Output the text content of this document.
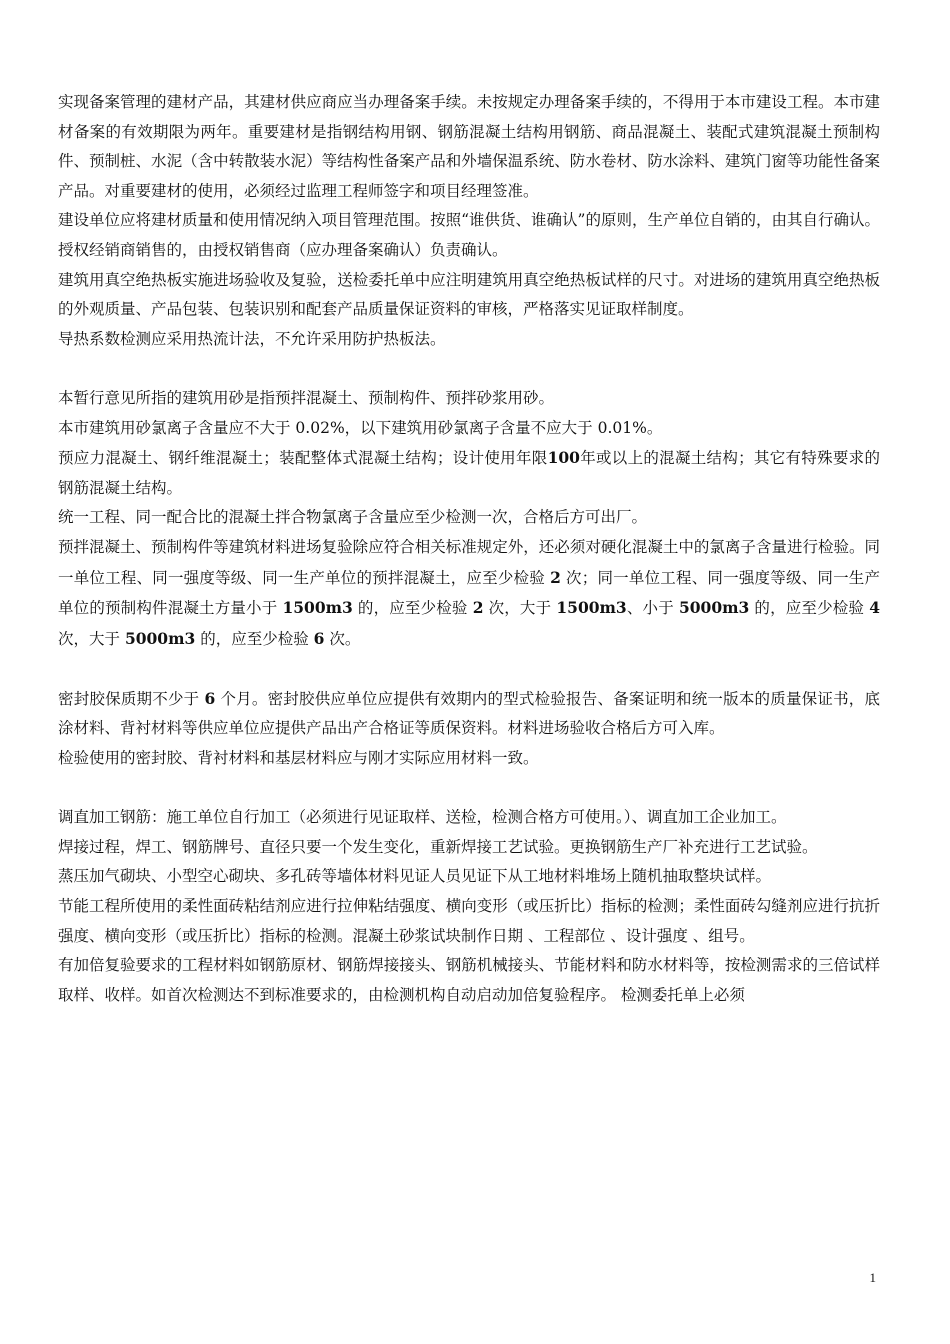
实现备案管理的建材产品，其建材供应商应当办理备案手续。未按规定办理备案手续的，不得用于本市建设工程。本市建材备案的有效期限为两年。重要建材是指钢结构用钢、钢筋混凝土结构用钢筋、商品混凝土、装配式建筑混凝土预制构件、预制桩、水泥（含中转散装水泥）等结构性备案产品和外墙保温系统、防水卷材、防水涂料、建筑门窗等功能性备案产品。对重要建材的使用，必须经过监理工程师签字和项目经理签准。

建设单位应将建材质量和使用情况纳入项目管理范围。按照“谁供货、谁确认”的原则，生产单位自销的，由其自行确认。授权经销商销售的，由授权销售商（应办理备案确认）负责确认。

建筑用真空绝热板实施进场验收及复验，送检委托单中应注明建筑用真空绝热板试样的尺寸。对进场的建筑用真空绝热板的外观质量、产品包装、包装识别和配套产品质量保证资料的审核，严格落实见证取样制度。

导热系数检测应采用热流计法，不允许采用防护热板法。

本暂行意见所指的建筑用砂是指预拌混凝土、预制构件、预拌砂浆用砂。

本市建筑用砂氯离子含量应不大于 0.02%，以下建筑用砂氯离子含量不应大于 0.01%。

预应力混凝土、钢纤维混凝土；装配整体式混凝土结构；设计使用年限100年或以上的混凝土结构；其它有特殊要求的钢筋混凝土结构。

统一工程、同一配合比的混凝土拌合物氯离子含量应至少检测一次，合格后方可出厂。

预拌混凝土、预制构件等建筑材料进场复验除应符合相关标准规定外，还必须对硬化混凝土中的氯离子含量进行检验。同一单位工程、同一强度等级、同一生产单位的预拌混凝土，应至少检验 2 次；同一单位工程、同一强度等级、同一生产单位的预制构件混凝土方量小于 1500m3 的，应至少检验 2 次，大于 1500m3、小于 5000m3 的，应至少检验 4 次，大于 5000m3 的，应至少检验 6 次。

密封胶保质期不少于 6 个月。密封胶供应单位应提供有效期内的型式检验报告、备案证明和统一版本的质量保证书，底涂材料、背衬材料等供应单位应提供产品出产合格证等质保资料。材料进场验收合格后方可入库。

检验使用的密封胶、背衬材料和基层材料应与刚才实际应用材料一致。

调直加工钢筋：施工单位自行加工（必须进行见证取样、送检，检测合格方可使用。）、调直加工企业加工。

焊接过程，焊工、钢筋牌号、直径只要一个发生变化，重新焊接工艺试验。更换钢筋生产厂补充进行工艺试验。

蒸压加气砌块、小型空心砌块、多孔砖等墙体材料见证人员见证下从工地材料堆场上随机抽取整块试样。

节能工程所使用的柔性面砖粘结剂应进行拉伸粘结强度、横向变形（或压折比）指标的检测；柔性面砖勾缝剂应进行抗折强度、横向变形（或压折比）指标的检测。混凝土砂浆试块制作日期 、工程部位 、设计强度 、组号。

有加倍复验要求的工程材料如钢筋原材、钢筋焊接接头、钢筋机械接头、节能材料和防水材料等，按检测需求的三倍试样取样、收样。如首次检测达不到标准要求的，由检测机构自动启动加倍复验程序。 检测委托单上必须

1
